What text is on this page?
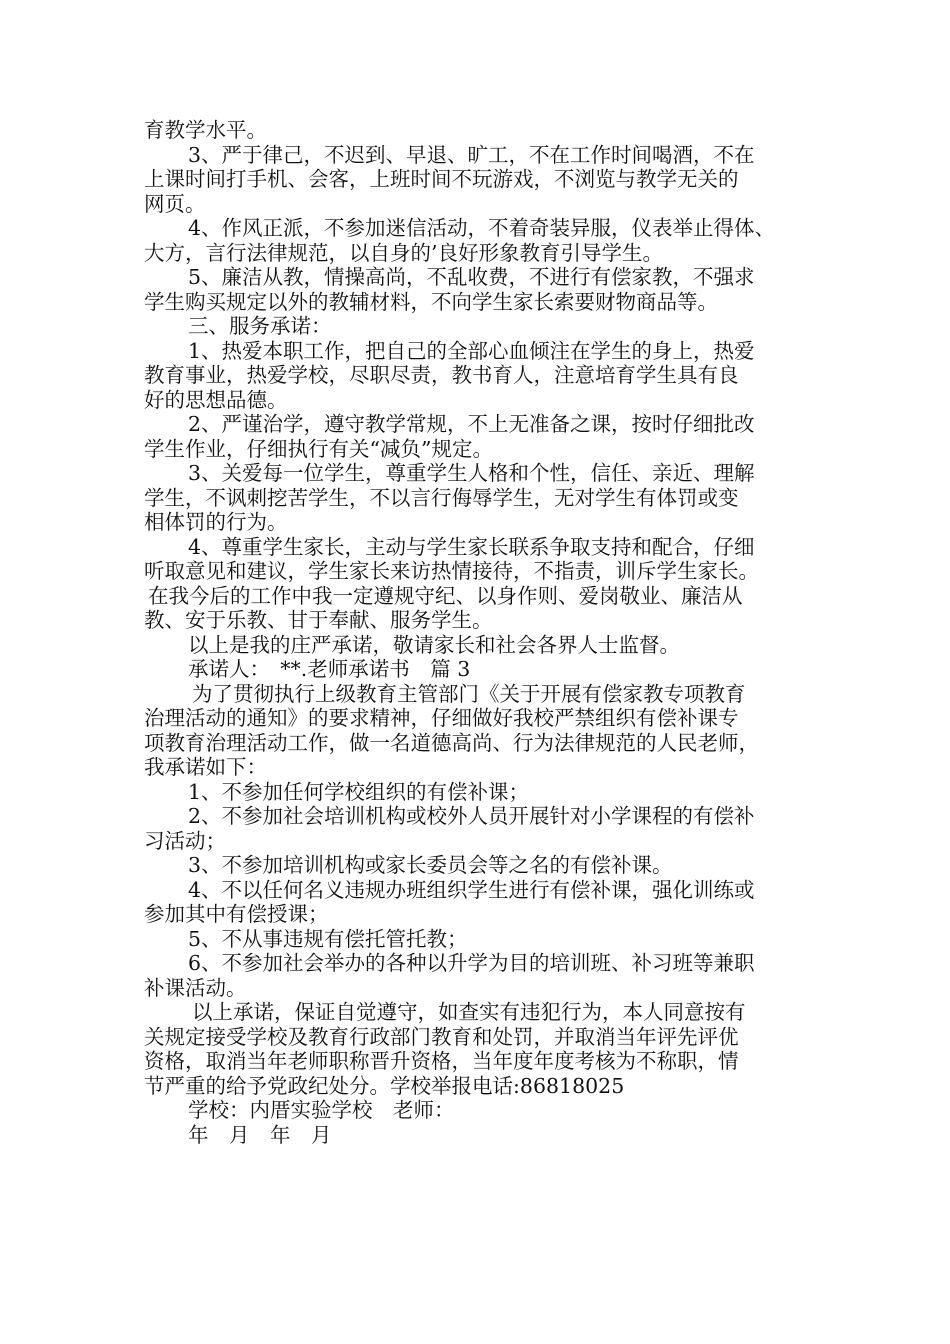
育教学水平。
3、严于律己，不迟到、早退、旷工，不在工作时间喝酒，不在
上课时间打手机、会客，上班时间不玩游戏，不浏览与教学无关的
网页。
4、作风正派，不参加迷信活动，不着奇装异服，仪表举止得体、
大方，言行法律规范，以自身的’良好形象教育引导学生。
5、廉洁从教，情操高尚，不乱收费，不进行有偿家教，不强求
学生购买规定以外的教辅材料，不向学生家长索要财物商品等。
三、服务承诺：
1、热爱本职工作，把自己的全部心血倾注在学生的身上，热爱
教育事业，热爱学校，尽职尽责，教书育人，注意培育学生具有良
好的思想品德。
2、严谨治学，遵守教学常规，不上无准备之课，按时仔细批改
学生作业，仔细执行有关“减负”规定。
3、关爱每一位学生，尊重学生人格和个性，信任、亲近、理解
学生，不讽刺挖苦学生，不以言行侮辱学生，无对学生有体罚或变
相体罚的行为。
4、尊重学生家长，主动与学生家长联系争取支持和配合，仔细
听取意见和建议，学生家长来访热情接待，不指责，训斥学生家长。
在我今后的工作中我一定遵规守纪、以身作则、爱岗敬业、廉洁从
教、安于乐教、甘于奉献、服务学生。
以上是我的庄严承诺，敬请家长和社会各界人士监督。
承诺人：　**.老师承诺书　篇 3
为了贯彻执行上级教育主管部门《关于开展有偿家教专项教育
治理活动的通知》的要求精神，仔细做好我校严禁组织有偿补课专
项教育治理活动工作，做一名道德高尚、行为法律规范的人民老师，
我承诺如下：
1、不参加任何学校组织的有偿补课；
2、不参加社会培训机构或校外人员开展针对小学课程的有偿补
习活动；
3、不参加培训机构或家长委员会等之名的有偿补课。
4、不以任何名义违规办班组织学生进行有偿补课，强化训练或
参加其中有偿授课；
5、不从事违规有偿托管托教；
6、不参加社会举办的各种以升学为目的培训班、补习班等兼职
补课活动。
以上承诺，保证自觉遵守，如查实有违犯行为，本人同意按有
关规定接受学校及教育行政部门教育和处罚，并取消当年评先评优
资格，取消当年老师职称晋升资格，当年度年度考核为不称职，情
节严重的给予党政纪处分。学校举报电话:86818025
学校：内厝实验学校　老师：
年　月　年　月
